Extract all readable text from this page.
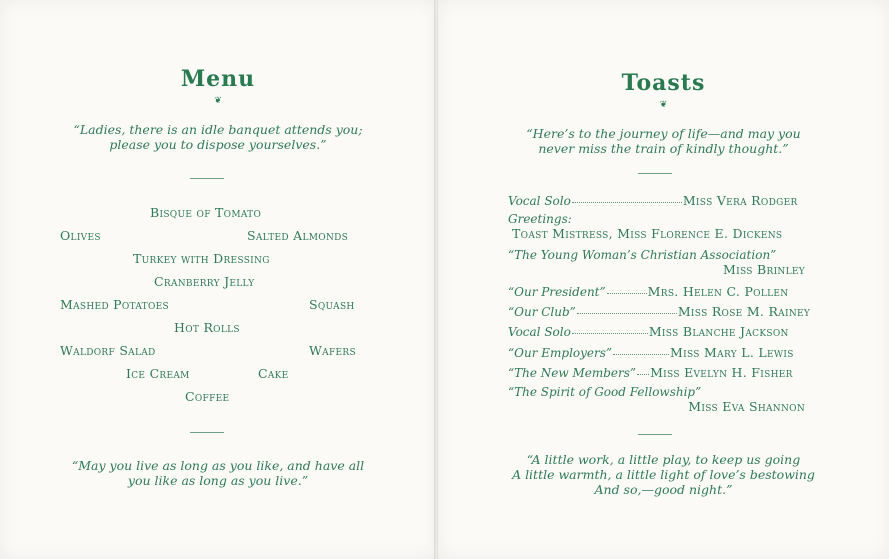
Menu
❦
“Ladies, there is an idle banquet attends you;
please you to dispose yourselves.”
Bisque of Tomato
Olives	Salted Almonds
Turkey with Dressing
Cranberry Jelly
Mashed Potatoes	Squash
Hot Rolls
Waldorf Salad	Wafers
Ice Cream	Cake
Coffee
“May you live as long as you like, and have all
you like as long as you live.”
Toasts
❦
“Here’s to the journey of life—and may you
never miss the train of kindly thought.”
Vocal Solo	Miss Vera Rodger
Greetings:
Toast Mistress, Miss Florence E. Dickens
“The Young Woman’s Christian Association”
Miss Brinley
“Our President”	Mrs. Helen C. Pollen
“Our Club”	Miss Rose M. Rainey
Vocal Solo	Miss Blanche Jackson
“Our Employers”	Miss Mary L. Lewis
“The New Members” Miss Evelyn H. Fisher
“The Spirit of Good Fellowship”
Miss Eva Shannon
“A little work, a little play, to keep us going
A little warmth, a little light of love’s bestowing
And so,—good night.”
